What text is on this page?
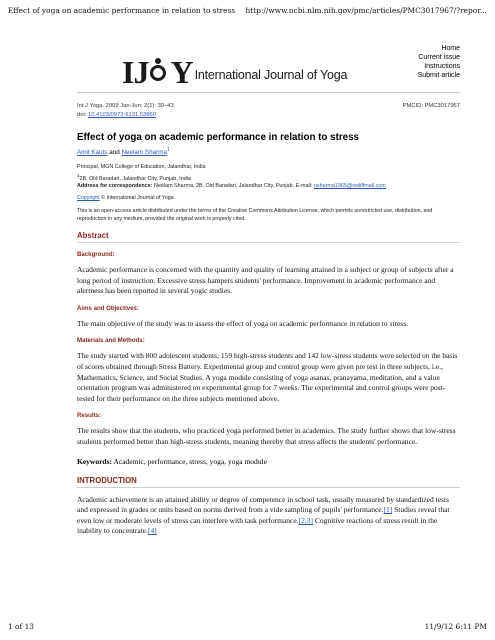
Effect of yoga on academic performance in relation to stress http://www.ncbi.nlm.nih.gov/pmc/articles/PMC3017967/?repor...
IJ Y International Journal of Yoga
Home
Current issue
Instructions
Submit article
Int J Yoga. 2009 Jan-Jun; 2(1): 39–43.	PMCID: PMC3017967
doi: 10.4103/0973-6131.53860
Effect of yoga on academic performance in relation to stress
Amit Kauts and Neelam Sharma$^1$
Principal, MGN College of Education, Jalandhar, India
$^1$2B, Old Baradari, Jalandhar City, Punjab, India
Address for correspondence: Neelam Sharma, 2B, Old Baradari, Jalandhar City, Punjab. E-mail: nsharma1965@rediffmail.com
Copyright © International Journal of Yoga
This is an open-access article distributed under the terms of the Creative Commons Attribution License, which permits unrestricted use, distribution, and reproduction in any medium, provided the original work is properly cited.
Abstract
Background:

Academic performance is concerned with the quantity and quality of learning attained in a subject or group of subjects after a long period of instruction. Excessive stress hampers students' performance. Improvement in academic performance and alertness has been reported in several yogic studies.

Aims and Objectives:

The main objective of the study was to assess the effect of yoga on academic performance in relation to stress.

Materials and Methods:

The study started with 800 adolescent students; 159 high-stress students and 142 low-stress students were selected on the basis of scores obtained through Stress Battery. Experimental group and control group were given pre test in three subjects, i.e., Mathematics, Science, and Social Studies. A yoga module consisting of yoga asanas, pranayama, meditation, and a value orientation program was administered on experimental group for 7 weeks. The experimental and control groups were post-tested for their performance on the three subjects mentioned above.

Results:

The results show that the students, who practiced yoga performed better in academics. The study further shows that low-stress students performed better than high-stress students, meaning thereby that stress affects the students' performance.

Keywords: Academic, performance, stress, yoga, yoga module
INTRODUCTION

Academic achievement is an attained ability or degree of competence in school task, usually measured by standardized tests and expressed in grades or units based on norms derived from a vide sampling of pupils' performance.[1] Studies reveal that even low or moderate levels of stress can interfere with task performance.[2,3] Cognitive reactions of stress result in the inability to concentrate.[4]

1 of 13	11/9/12 6:11 PM
